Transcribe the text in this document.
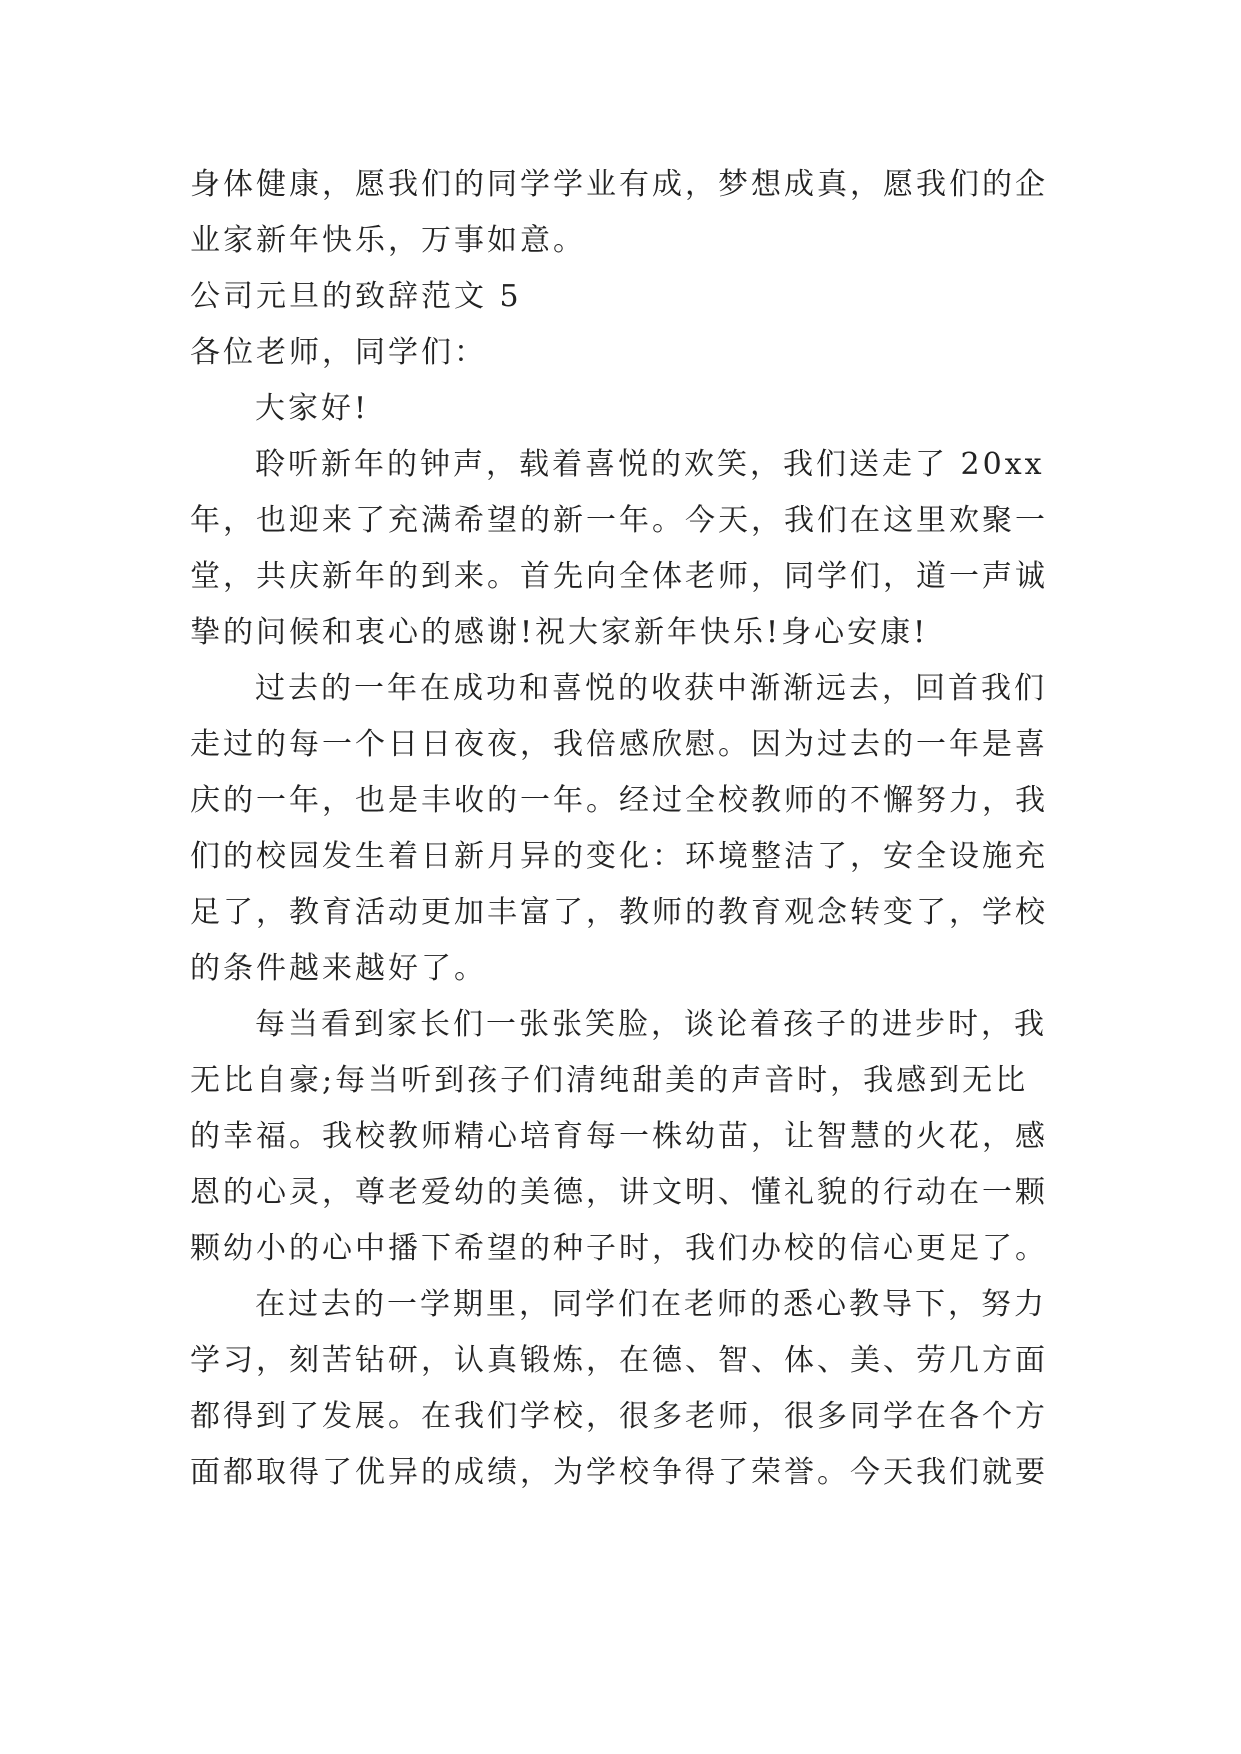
身体健康，愿我们的同学学业有成，梦想成真，愿我们的企
业家新年快乐，万事如意。
公司元旦的致辞范文 5
各位老师，同学们：
大家好!
聆听新年的钟声，载着喜悦的欢笑，我们送走了 20xx
年，也迎来了充满希望的新一年。今天，我们在这里欢聚一
堂，共庆新年的到来。首先向全体老师，同学们，道一声诚
挚的问候和衷心的感谢!祝大家新年快乐!身心安康!
过去的一年在成功和喜悦的收获中渐渐远去，回首我们
走过的每一个日日夜夜，我倍感欣慰。因为过去的一年是喜
庆的一年，也是丰收的一年。经过全校教师的不懈努力，我
们的校园发生着日新月异的变化：环境整洁了，安全设施充
足了，教育活动更加丰富了，教师的教育观念转变了，学校
的条件越来越好了。
每当看到家长们一张张笑脸，谈论着孩子的进步时，我
无比自豪;每当听到孩子们清纯甜美的声音时，我感到无比
的幸福。我校教师精心培育每一株幼苗，让智慧的火花，感
恩的心灵，尊老爱幼的美德，讲文明、懂礼貌的行动在一颗
颗幼小的心中播下希望的种子时，我们办校的信心更足了。
在过去的一学期里，同学们在老师的悉心教导下，努力
学习，刻苦钻研，认真锻炼，在德、智、体、美、劳几方面
都得到了发展。在我们学校，很多老师，很多同学在各个方
面都取得了优异的成绩，为学校争得了荣誉。今天我们就要
